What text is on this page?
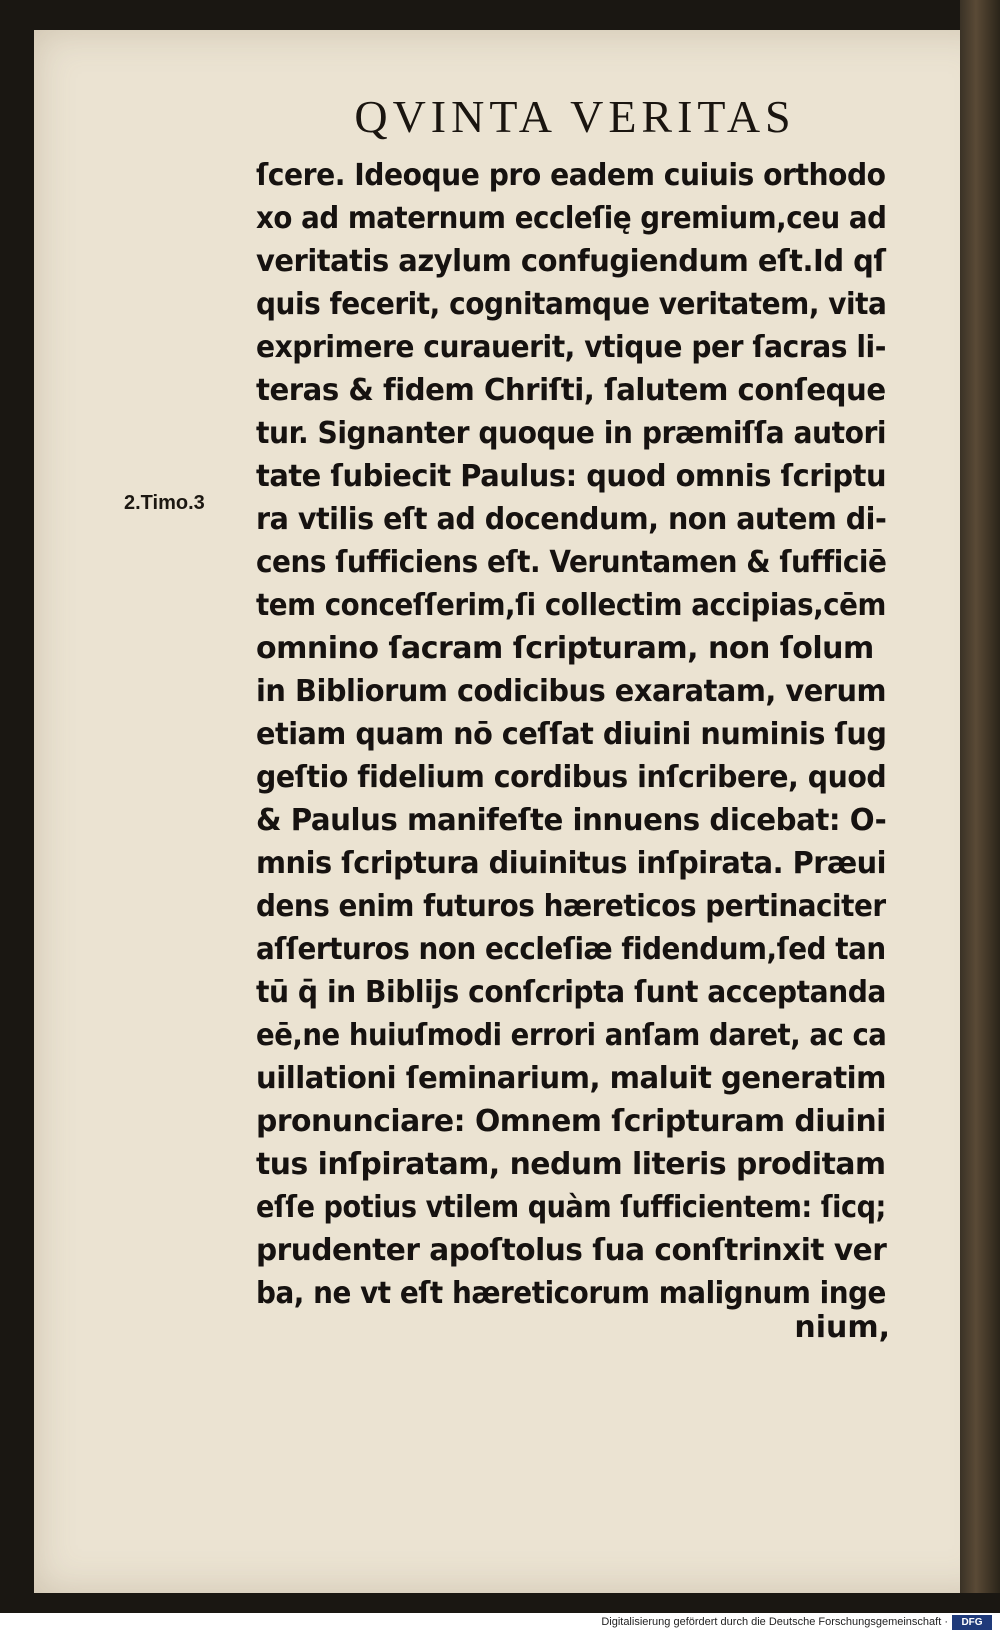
QVINTA VERITAS
2.Timo.3
ſcere. Ideoque pro eadem cuiuis orthodo
xo ad maternum eccleſię gremium,ceu ad
veritatis azylum confugiendum eſt.Id qſ
quis fecerit, cognitamque veritatem, vita
exprimere curauerit, vtique per ſacras li-
teras & fidem Chriſti, ſalutem conſeque
tur. Signanter quoque in præmiſſa autori
tate ſubiecit Paulus: quod omnis ſcriptu
ra vtilis eſt ad docendum, non autem di-
cens ſufficiens eſt. Veruntamen & ſufficiē
tem conceſſerim,ſi collectim accipias,cēm
omnino ſacram ſcripturam, non ſolum
in Bibliorum codicibus exaratam, verum
etiam quam nō ceſſat diuini numinis ſug
geſtio fidelium cordibus inſcribere, quod
& Paulus manifeſte innuens dicebat: O-
mnis ſcriptura diuinitus inſpirata. Præui
dens enim futuros hæreticos pertinaciter
aſſerturos non eccleſiæ fidendum,ſed tan
tū q̄ in Biblijs conſcripta ſunt acceptanda
eē,ne huiuſmodi errori anſam daret, ac ca
uillationi ſeminarium, maluit generatim
pronunciare: Omnem ſcripturam diuini
tus inſpiratam, nedum literis proditam
eſſe potius vtilem quàm ſufficientem: ſicq;
prudenter apoſtolus ſua conſtrinxit ver
ba, ne vt eſt hæreticorum malignum inge
nium,
Digitalisierung gefördert durch die Deutsche Forschungsgemeinschaft ·	DFG
